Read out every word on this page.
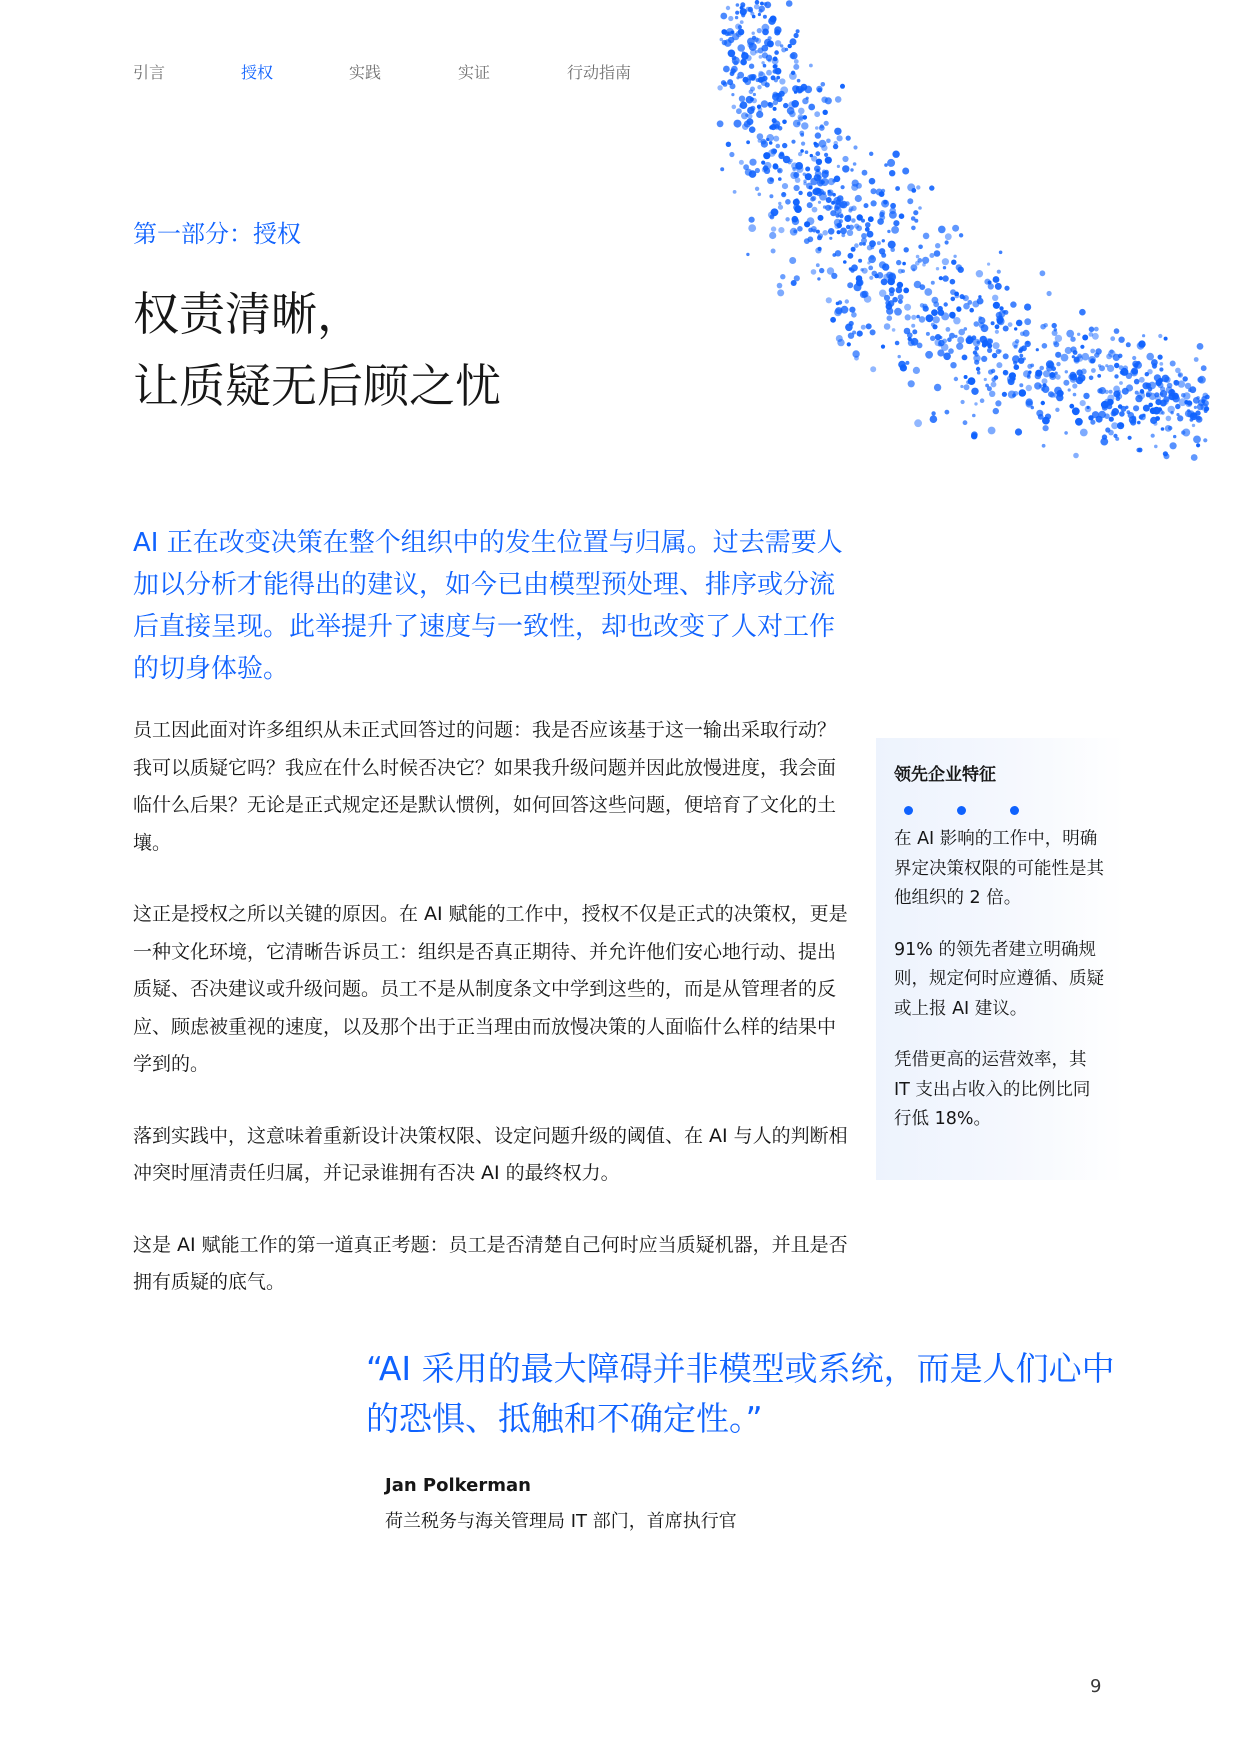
引言	授权	实践	实证	行动指南
第一部分：授权
权责清晰，
让质疑无后顾之忧

AI 正在改变决策在整个组织中的发生位置与归属。过去需要人加以分析才能得出的建议，如今已由模型预处理、排序或分流后直接呈现。此举提升了速度与一致性，却也改变了人对工作的切身体验。

员工因此面对许多组织从未正式回答过的问题：我是否应该基于这一输出采取行动？我可以质疑它吗？我应在什么时候否决它？如果我升级问题并因此放慢进度，我会面临什么后果？无论是正式规定还是默认惯例，如何回答这些问题，便培育了文化的土壤。

这正是授权之所以关键的原因。在 AI 赋能的工作中，授权不仅是正式的决策权，更是一种文化环境，它清晰告诉员工：组织是否真正期待、并允许他们安心地行动、提出质疑、否决建议或升级问题。员工不是从制度条文中学到这些的，而是从管理者的反应、顾虑被重视的速度，以及那个出于正当理由而放慢决策的人面临什么样的结果中学到的。

落到实践中，这意味着重新设计决策权限、设定问题升级的阈值、在 AI 与人的判断相冲突时厘清责任归属，并记录谁拥有否决 AI 的最终权力。

这是 AI 赋能工作的第一道真正考题：员工是否清楚自己何时应当质疑机器，并且是否拥有质疑的底气。

领先企业特征

在 AI 影响的工作中，明确界定决策权限的可能性是其他组织的 2 倍。

91% 的领先者建立明确规则，规定何时应遵循、质疑或上报 AI 建议。

凭借更高的运营效率，其 IT 支出占收入的比例比同行低 18%。

“AI 采用的最大障碍并非模型或系统，而是人们心中的恐惧、抵触和不确定性。”
Jan Polkerman
荷兰税务与海关管理局 IT 部门，首席执行官
9
